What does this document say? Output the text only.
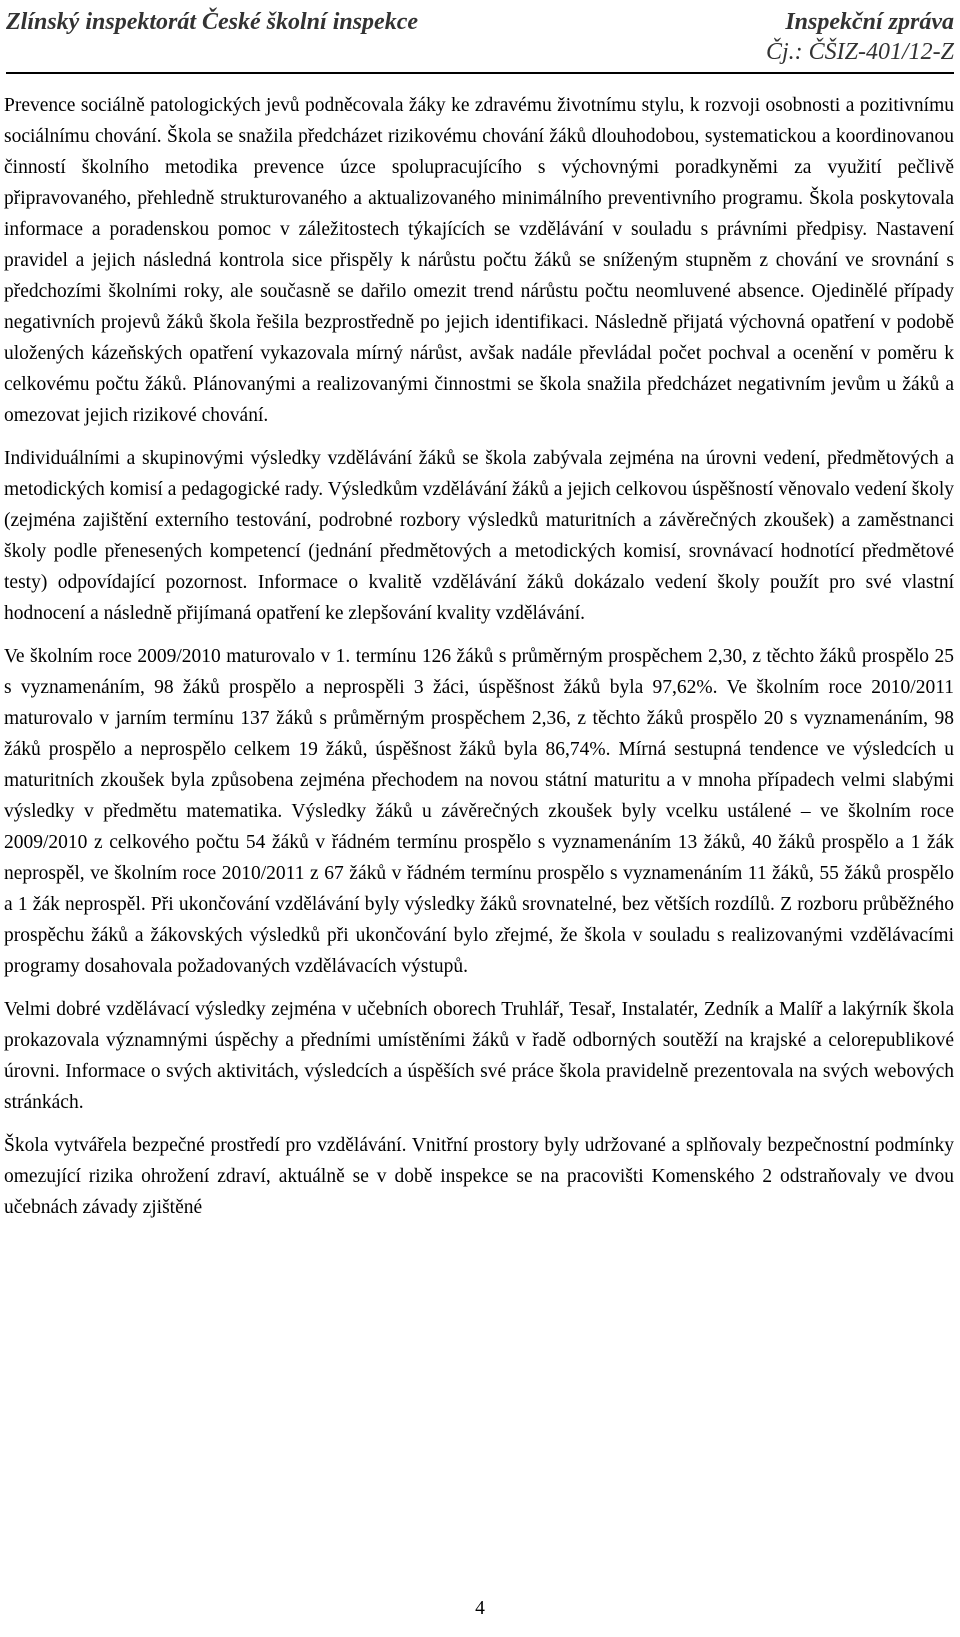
Zlínský inspektorát České školní inspekce	Inspekční zpráva
Čj.: ČŠIZ-401/12-Z

Prevence sociálně patologických jevů podněcovala žáky ke zdravému životnímu stylu, k rozvoji osobnosti a pozitivnímu sociálnímu chování. Škola se snažila předcházet rizikovému chování žáků dlouhodobou, systematickou a koordinovanou činností školního metodika prevence úzce spolupracujícího s výchovnými poradkyněmi za využití pečlivě připravovaného, přehledně strukturovaného a aktualizovaného minimálního preventivního programu. Škola poskytovala informace a poradenskou pomoc v záležitostech týkajících se vzdělávání v souladu s právními předpisy. Nastavení pravidel a jejich následná kontrola sice přispěly k nárůstu počtu žáků se sníženým stupněm z chování ve srovnání s předchozími školními roky, ale současně se dařilo omezit trend nárůstu počtu neomluvené absence. Ojedinělé případy negativních projevů žáků škola řešila bezprostředně po jejich identifikaci. Následně přijatá výchovná opatření v podobě uložených kázeňských opatření vykazovala mírný nárůst, avšak nadále převládal počet pochval a ocenění v poměru k celkovému počtu žáků. Plánovanými a realizovanými činnostmi se škola snažila předcházet negativním jevům u žáků a omezovat jejich rizikové chování.

Individuálními a skupinovými výsledky vzdělávání žáků se škola zabývala zejména na úrovni vedení, předmětových a metodických komisí a pedagogické rady. Výsledkům vzdělávání žáků a jejich celkovou úspěšností věnovalo vedení školy (zejména zajištění externího testování, podrobné rozbory výsledků maturitních a závěrečných zkoušek) a zaměstnanci školy podle přenesených kompetencí (jednání předmětových a metodických komisí, srovnávací hodnotící předmětové testy) odpovídající pozornost. Informace o kvalitě vzdělávání žáků dokázalo vedení školy použít pro své vlastní hodnocení a následně přijímaná opatření ke zlepšování kvality vzdělávání.

Ve školním roce 2009/2010 maturovalo v 1. termínu 126 žáků s průměrným prospěchem 2,30, z těchto žáků prospělo 25 s vyznamenáním, 98 žáků prospělo a neprospěli 3 žáci, úspěšnost žáků byla 97,62%. Ve školním roce 2010/2011 maturovalo v jarním termínu 137 žáků s průměrným prospěchem 2,36, z těchto žáků prospělo 20 s vyznamenáním, 98 žáků prospělo a neprospělo celkem 19 žáků, úspěšnost žáků byla 86,74%. Mírná sestupná tendence ve výsledcích u maturitních zkoušek byla způsobena zejména přechodem na novou státní maturitu a v mnoha případech velmi slabými výsledky v předmětu matematika. Výsledky žáků u závěrečných zkoušek byly vcelku ustálené – ve školním roce 2009/2010 z celkového počtu 54 žáků v řádném termínu prospělo s vyznamenáním 13 žáků, 40 žáků prospělo a 1 žák neprospěl, ve školním roce 2010/2011 z 67 žáků v řádném termínu prospělo s vyznamenáním 11 žáků, 55 žáků prospělo a 1 žák neprospěl. Při ukončování vzdělávání byly výsledky žáků srovnatelné, bez větších rozdílů. Z rozboru průběžného prospěchu žáků a žákovských výsledků při ukončování bylo zřejmé, že škola v souladu s realizovanými vzdělávacími programy dosahovala požadovaných vzdělávacích výstupů.

Velmi dobré vzdělávací výsledky zejména v učebních oborech Truhlář, Tesař, Instalatér, Zedník a Malíř a lakýrník škola prokazovala významnými úspěchy a předními umístěními žáků v řadě odborných soutěží na krajské a celorepublikové úrovni. Informace o svých aktivitách, výsledcích a úspěších své práce škola pravidelně prezentovala na svých webových stránkách.

Škola vytvářela bezpečné prostředí pro vzdělávání. Vnitřní prostory byly udržované a splňovaly bezpečnostní podmínky omezující rizika ohrožení zdraví, aktuálně se v době inspekce se na pracovišti Komenského 2 odstraňovaly ve dvou učebnách závady zjištěné

4
